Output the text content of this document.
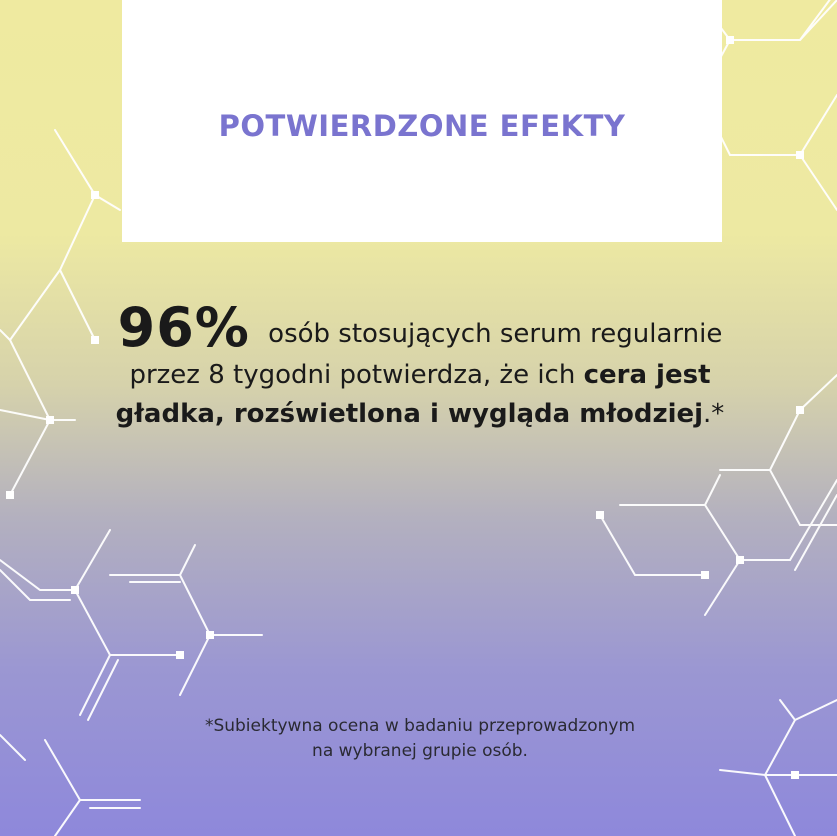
POTWIERDZONE EFEKTY
96% osób stosujących serum regularnie przez 8 tygodni potwierdza, że ich cera jest gładka, rozświetlona i wygląda młodziej.*
*Subiektywna ocena w badaniu przeprowadzonym
na wybranej grupie osób.
